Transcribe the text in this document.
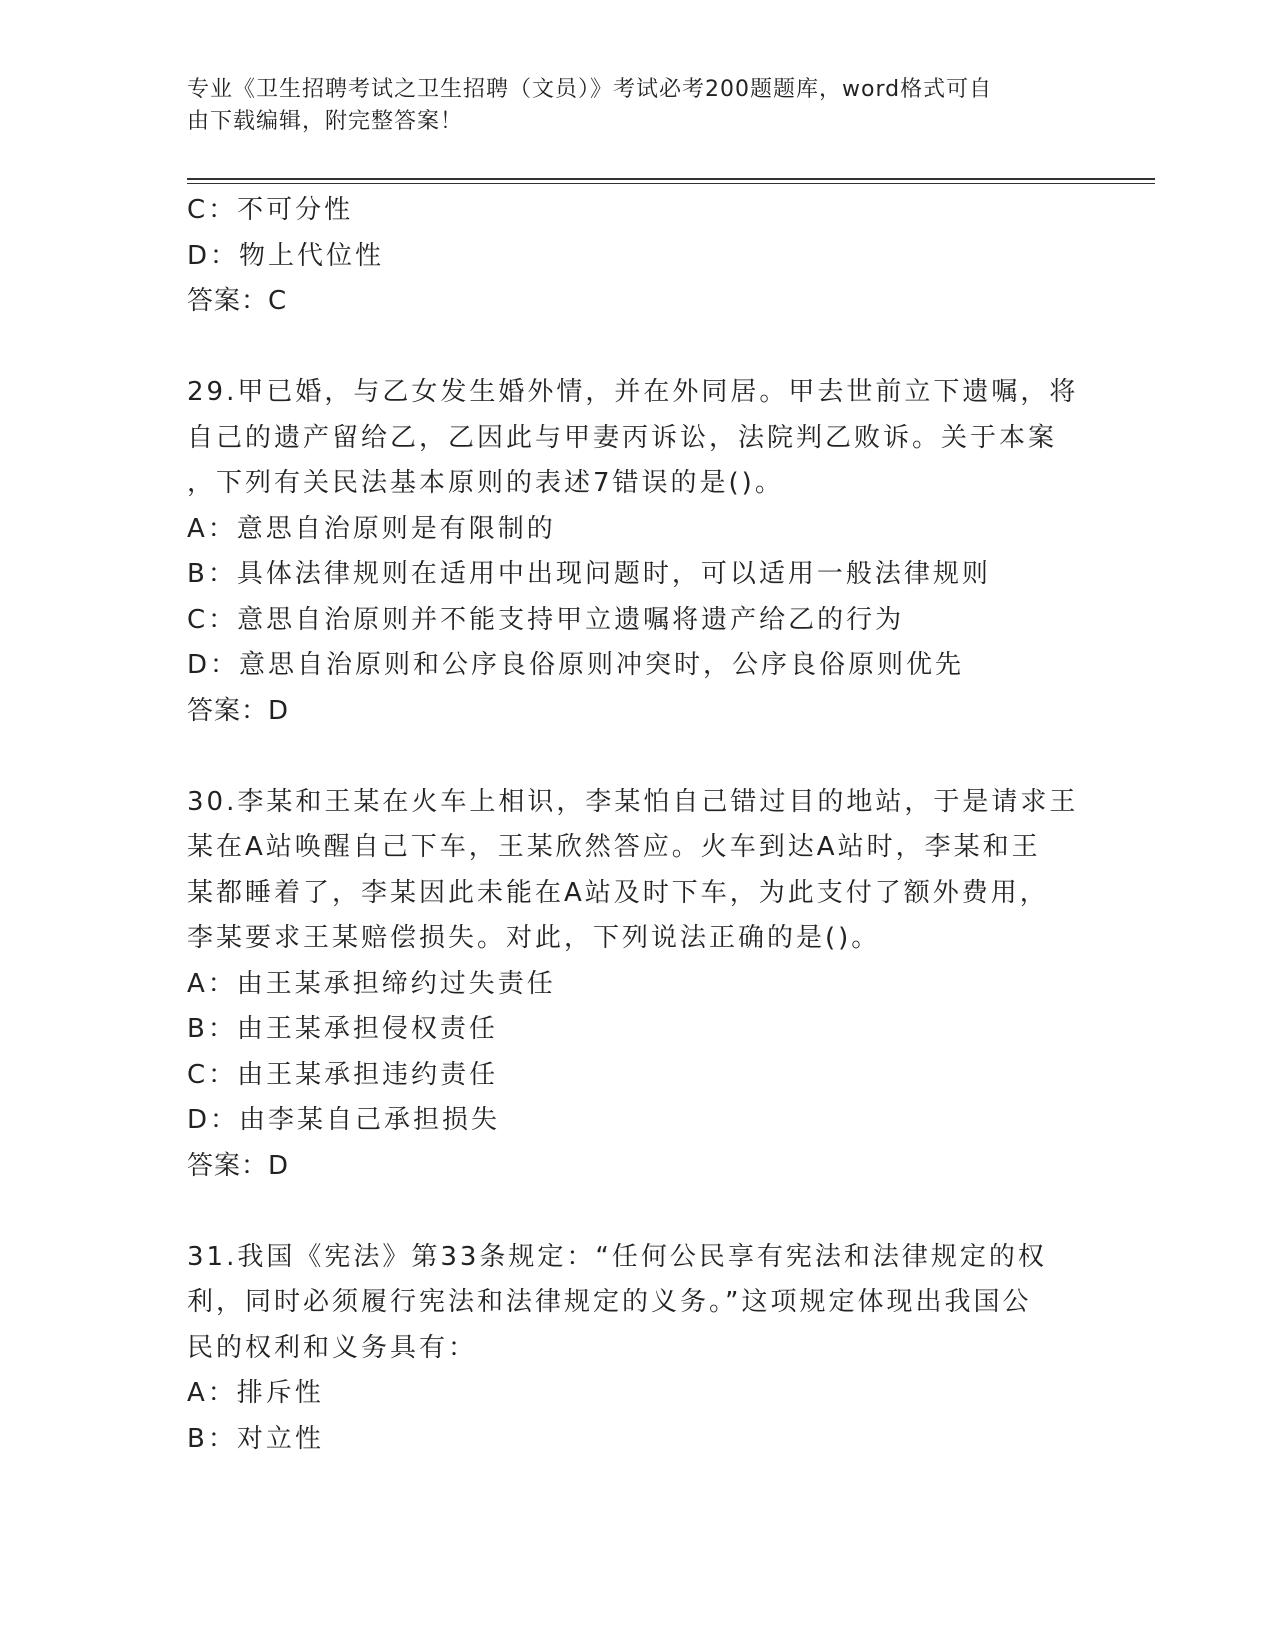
专业《卫生招聘考试之卫生招聘（文员）》考试必考200题题库，word格式可自
由下载编辑，附完整答案！
C：不可分性
D：物上代位性
答案：C
29.甲已婚，与乙女发生婚外情，并在外同居。甲去世前立下遗嘱，将
自己的遗产留给乙，乙因此与甲妻丙诉讼，法院判乙败诉。关于本案
，下列有关民法基本原则的表述7错误的是()。
A：意思自治原则是有限制的
B：具体法律规则在适用中出现问题时，可以适用一般法律规则
C：意思自治原则并不能支持甲立遗嘱将遗产给乙的行为
D：意思自治原则和公序良俗原则冲突时，公序良俗原则优先
答案：D
30.李某和王某在火车上相识，李某怕自己错过目的地站，于是请求王
某在A站唤醒自己下车，王某欣然答应。火车到达A站时，李某和王
某都睡着了，李某因此未能在A站及时下车，为此支付了额外费用，
李某要求王某赔偿损失。对此，下列说法正确的是()。
A：由王某承担缔约过失责任
B：由王某承担侵权责任
C：由王某承担违约责任
D：由李某自己承担损失
答案：D
31.我国《宪法》第33条规定：“任何公民享有宪法和法律规定的权
利，同时必须履行宪法和法律规定的义务。”这项规定体现出我国公
民的权利和义务具有：
A：排斥性
B：对立性
